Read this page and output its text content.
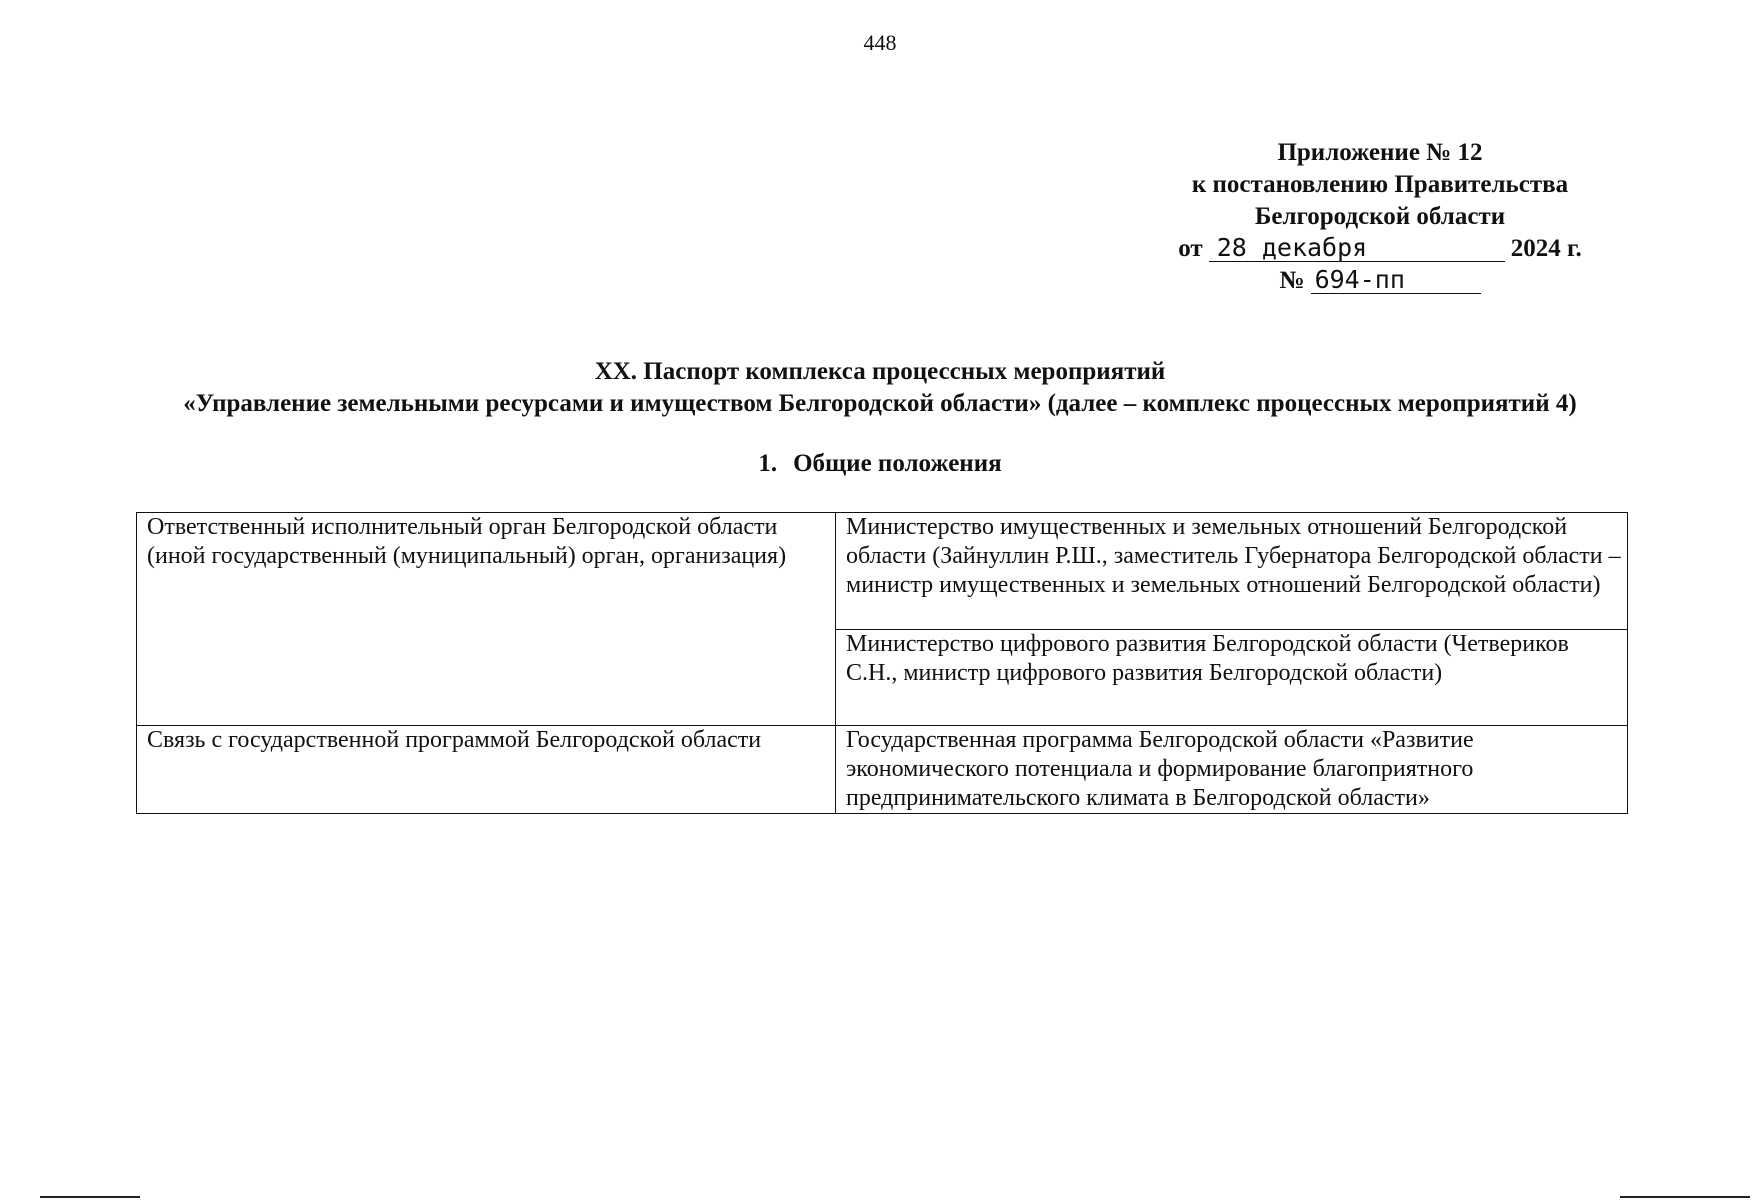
448
Приложение № 12
к постановлению Правительства
Белгородской области
от 28 декабря	2024 г.
№ 694-пп
XX. Паспорт комплекса процессных мероприятий
«Управление земельными ресурсами и имуществом Белгородской области» (далее – комплекс процессных мероприятий 4)
1. Общие положения
Ответственный исполнительный орган Белгородской области (иной государственный (муниципальный) орган, организация)	Министерство имущественных и земельных отношений Белгородской области (Зайнуллин Р.Ш., заместитель Губернатора Белгородской области – министр имущественных и земельных отношений Белгородской области)
	Министерство цифрового развития Белгородской области (Четвериков С.Н., министр цифрового развития Белгородской области)
Связь с государственной программой Белгородской области	Государственная программа Белгородской области «Развитие экономического потенциала и формирование благоприятного предпринимательского климата в Белгородской области»
